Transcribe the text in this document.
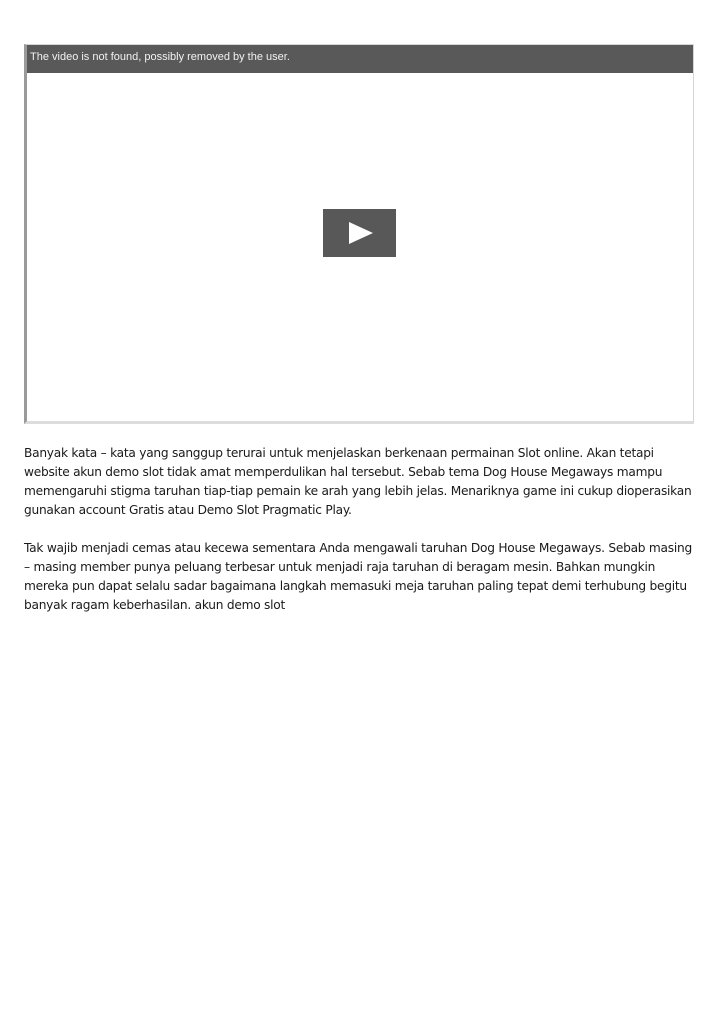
The video is not found, possibly removed by the user.

Banyak kata – kata yang sanggup terurai untuk menjelaskan berkenaan permainan Slot online. Akan tetapi website akun demo slot tidak amat memperdulikan hal tersebut. Sebab tema Dog House Megaways mampu memengaruhi stigma taruhan tiap-tiap pemain ke arah yang lebih jelas. Menariknya game ini cukup dioperasikan gunakan account Gratis atau Demo Slot Pragmatic Play.

Tak wajib menjadi cemas atau kecewa sementara Anda mengawali taruhan Dog House Megaways. Sebab masing – masing member punya peluang terbesar untuk menjadi raja taruhan di beragam mesin. Bahkan mungkin mereka pun dapat selalu sadar bagaimana langkah memasuki meja taruhan paling tepat demi terhubung begitu banyak ragam keberhasilan. akun demo slot
